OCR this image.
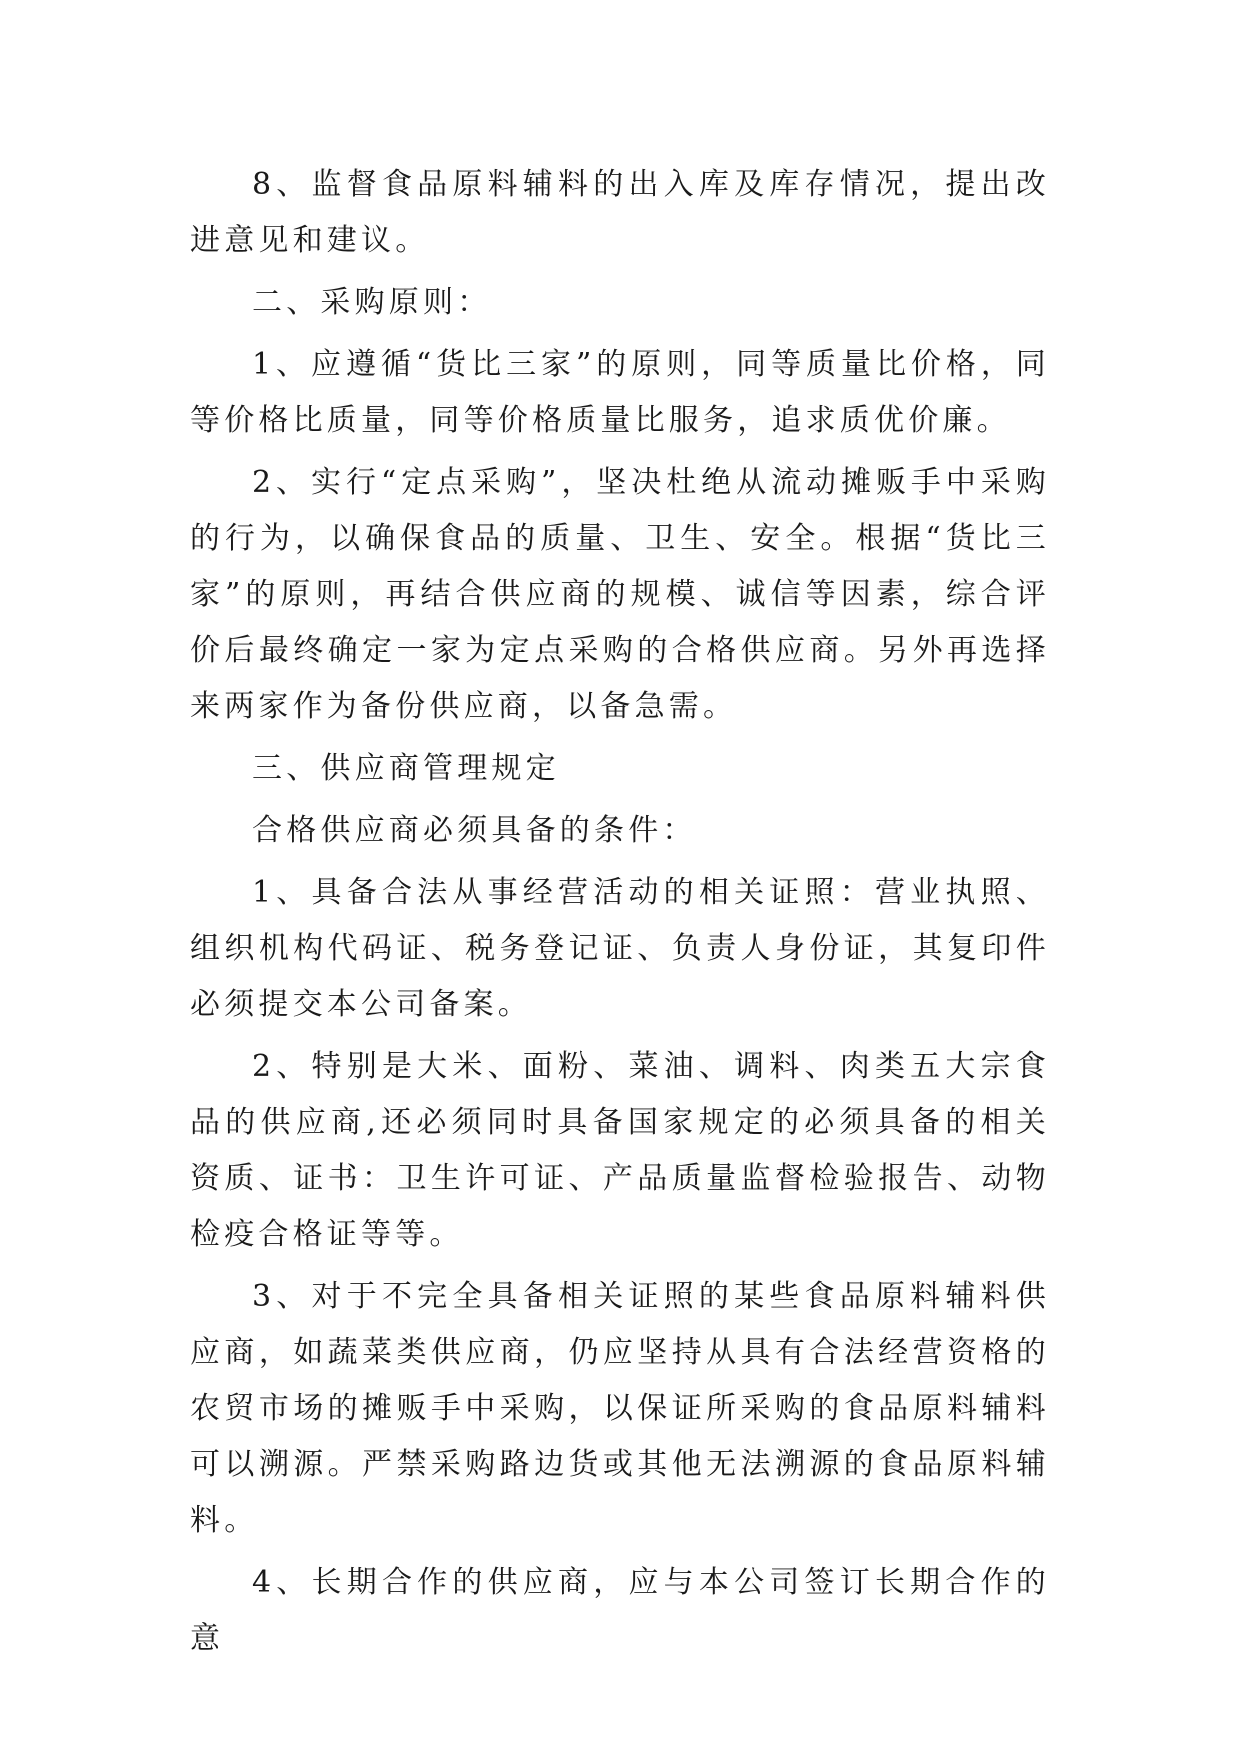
8、监督食品原料辅料的出入库及库存情况，提出改进意见和建议。

二、采购原则：

1、应遵循“货比三家”的原则，同等质量比价格，同等价格比质量，同等价格质量比服务，追求质优价廉。

2、实行“定点采购”，坚决杜绝从流动摊贩手中采购的行为，以确保食品的质量、卫生、安全。根据“货比三家”的原则，再结合供应商的规模、诚信等因素，综合评价后最终确定一家为定点采购的合格供应商。另外再选择来两家作为备份供应商，以备急需。

三、供应商管理规定

合格供应商必须具备的条件：

1、具备合法从事经营活动的相关证照：营业执照、组织机构代码证、税务登记证、负责人身份证，其复印件必须提交本公司备案。

2、特别是大米、面粉、菜油、调料、肉类五大宗食品的供应商,还必须同时具备国家规定的必须具备的相关资质、证书：卫生许可证、产品质量监督检验报告、动物检疫合格证等等。

3、对于不完全具备相关证照的某些食品原料辅料供应商，如蔬菜类供应商，仍应坚持从具有合法经营资格的农贸市场的摊贩手中采购，以保证所采购的食品原料辅料可以溯源。严禁采购路边货或其他无法溯源的食品原料辅料。

4、长期合作的供应商，应与本公司签订长期合作的意
